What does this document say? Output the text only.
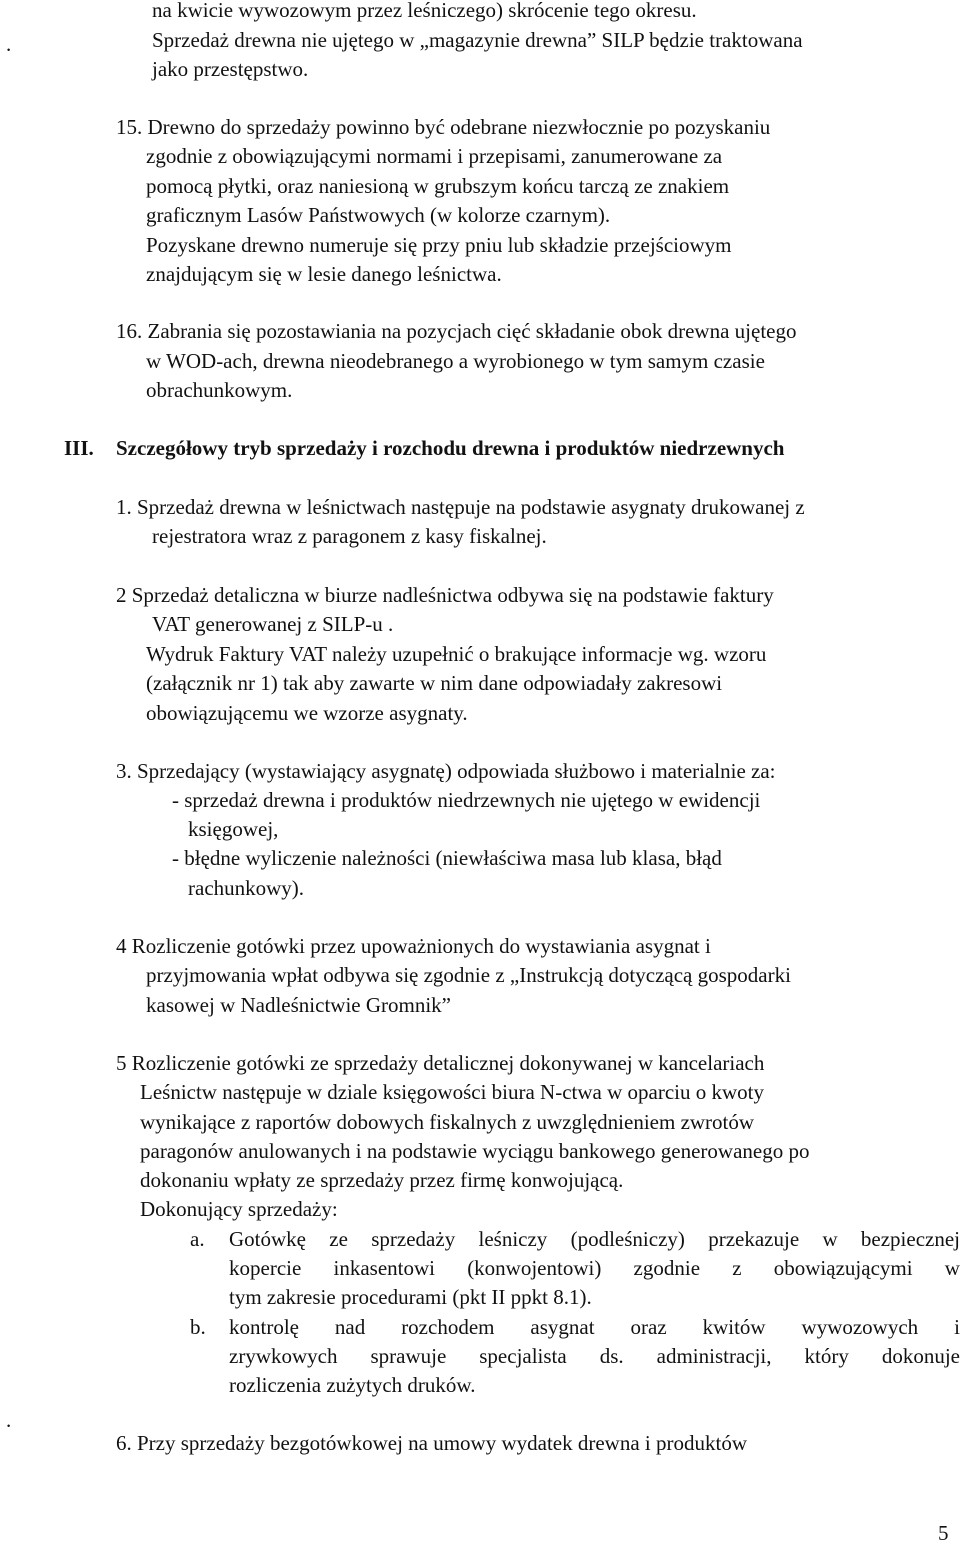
.
.
na kwicie wywozowym przez leśniczego) skrócenie tego okresu.
Sprzedaż drewna nie ujętego w „magazynie drewna” SILP będzie traktowana
jako przestępstwo.
15. Drewno do sprzedaży powinno być odebrane niezwłocznie po pozyskaniu
zgodnie z obowiązującymi normami i przepisami, zanumerowane za
pomocą płytki, oraz naniesioną w grubszym końcu tarczą ze znakiem
graficznym Lasów Państwowych (w kolorze czarnym).
Pozyskane drewno numeruje się przy pniu lub składzie przejściowym
znajdującym się w lesie danego leśnictwa.
16. Zabrania się pozostawiania na pozycjach cięć składanie obok drewna ujętego
w WOD-ach, drewna nieodebranego a wyrobionego w tym samym czasie
obrachunkowym.
III. Szczegółowy tryb sprzedaży i rozchodu drewna i produktów niedrzewnych
1. Sprzedaż drewna w leśnictwach następuje na podstawie asygnaty drukowanej z
rejestratora wraz z paragonem z kasy fiskalnej.
2 Sprzedaż detaliczna w biurze nadleśnictwa odbywa się na podstawie faktury
VAT generowanej z SILP-u .
Wydruk Faktury VAT należy uzupełnić o brakujące informacje wg. wzoru
(załącznik nr 1) tak aby zawarte w nim dane odpowiadały zakresowi
obowiązującemu we wzorze asygnaty.
3. Sprzedający (wystawiający asygnatę) odpowiada służbowo i materialnie za:
- sprzedaż drewna i produktów niedrzewnych nie ujętego w ewidencji
księgowej,
- błędne wyliczenie należności (niewłaściwa masa lub klasa, błąd
rachunkowy).
4 Rozliczenie gotówki przez upoważnionych do wystawiania asygnat i
przyjmowania wpłat odbywa się zgodnie z „Instrukcją dotyczącą gospodarki
kasowej w Nadleśnictwie Gromnik”
5 Rozliczenie gotówki ze sprzedaży detalicznej dokonywanej w kancelariach
Leśnictw następuje w dziale księgowości biura N-ctwa w oparciu o kwoty
wynikające z raportów dobowych fiskalnych z uwzględnieniem zwrotów
paragonów anulowanych i na podstawie wyciągu bankowego generowanego po
dokonaniu wpłaty ze sprzedaży przez firmę konwojującą.
Dokonujący sprzedaży:
a. Gotówkę ze sprzedaży leśniczy (podleśniczy) przekazuje w bezpiecznej
kopercie inkasentowi (konwojentowi) zgodnie z obowiązującymi w
tym zakresie procedurami (pkt II ppkt 8.1).
b. kontrolę nad rozchodem asygnat oraz kwitów wywozowych i
zrywkowych sprawuje specjalista ds. administracji, który dokonuje
rozliczenia zużytych druków.
6. Przy sprzedaży bezgotówkowej na umowy wydatek drewna i produktów
5
